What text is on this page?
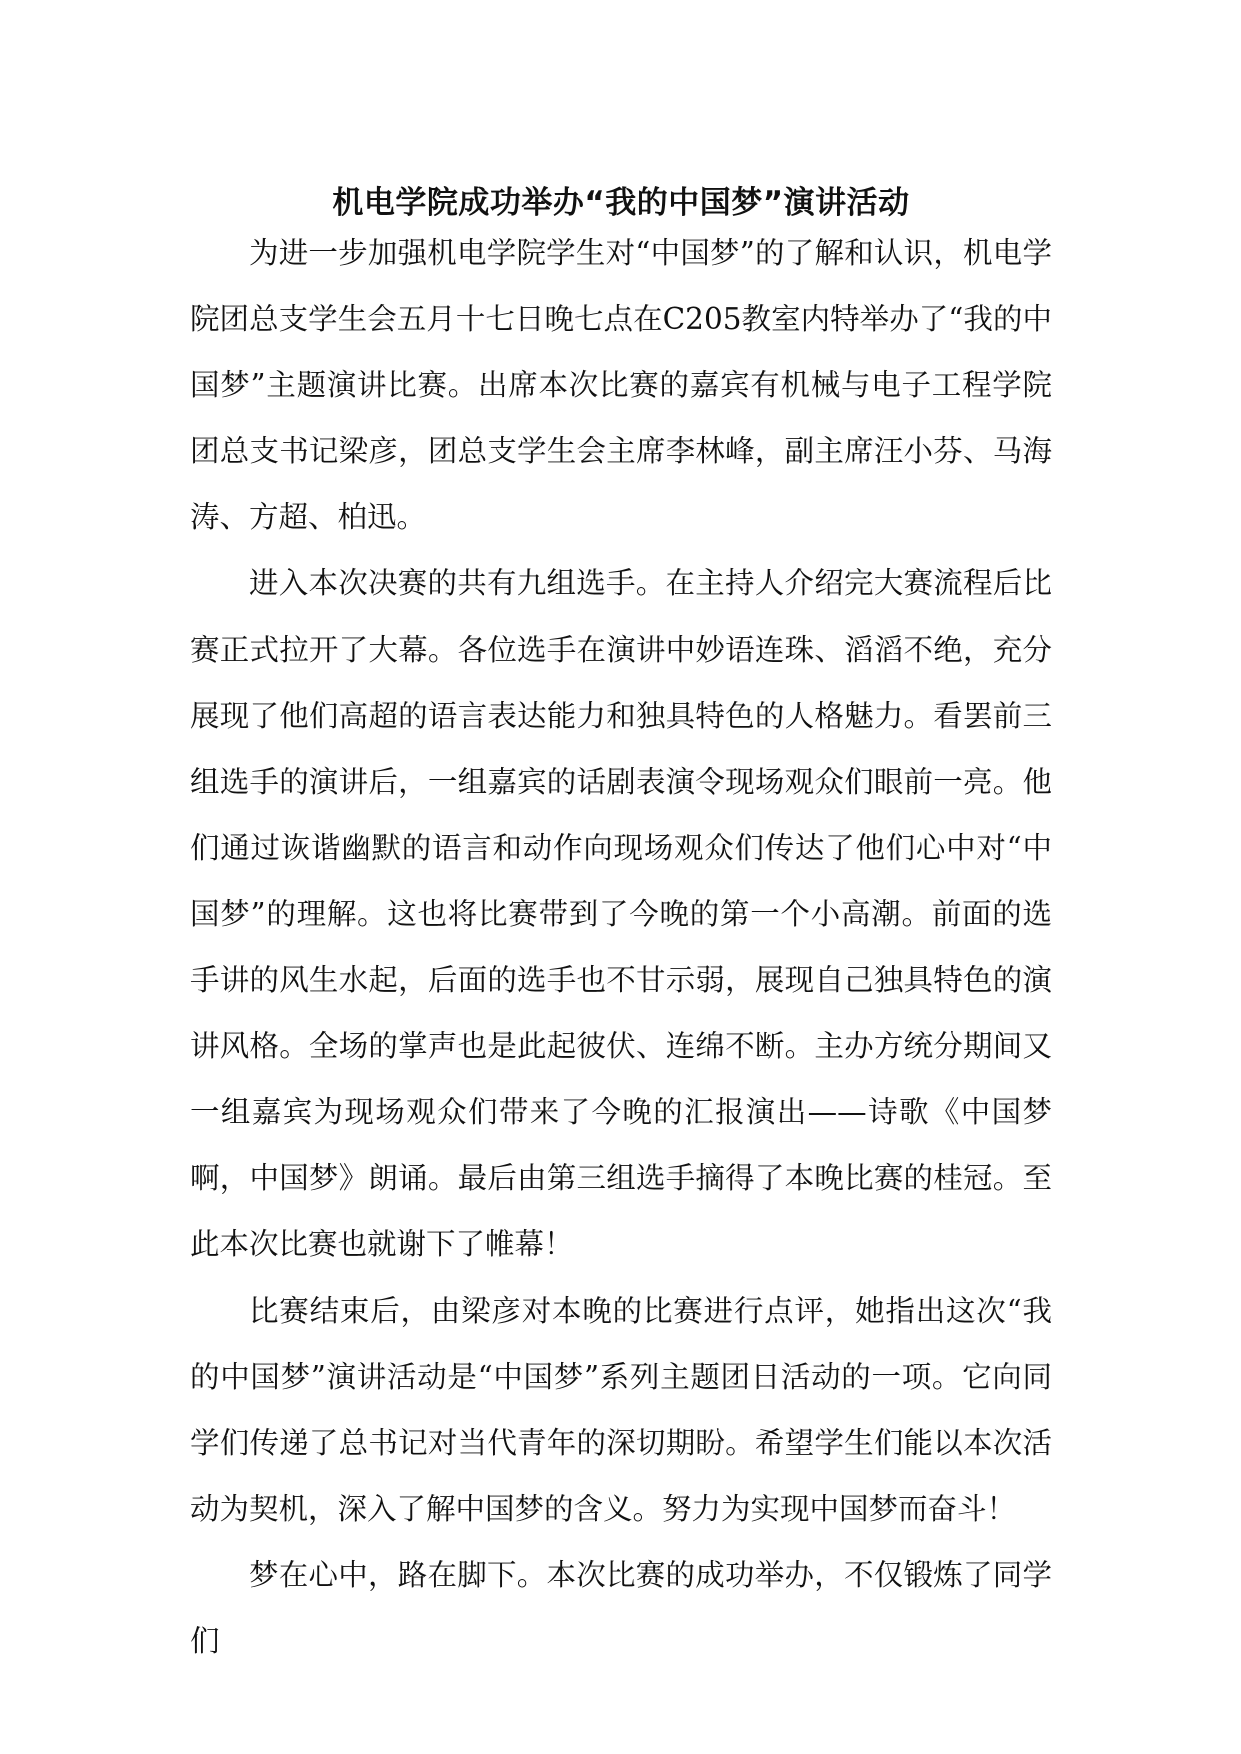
机电学院成功举办“我的中国梦”演讲活动

为进一步加强机电学院学生对“中国梦”的了解和认识，机电学院团总支学生会五月十七日晚七点在C205教室内特举办了“我的中国梦”主题演讲比赛。出席本次比赛的嘉宾有机械与电子工程学院团总支书记梁彦，团总支学生会主席李林峰，副主席汪小芬、马海涛、方超、柏迅。

进入本次决赛的共有九组选手。在主持人介绍完大赛流程后比赛正式拉开了大幕。各位选手在演讲中妙语连珠、滔滔不绝，充分展现了他们高超的语言表达能力和独具特色的人格魅力。看罢前三组选手的演讲后，一组嘉宾的话剧表演令现场观众们眼前一亮。他们通过诙谐幽默的语言和动作向现场观众们传达了他们心中对“中国梦”的理解。这也将比赛带到了今晚的第一个小高潮。前面的选手讲的风生水起，后面的选手也不甘示弱，展现自己独具特色的演讲风格。全场的掌声也是此起彼伏、连绵不断。主办方统分期间又一组嘉宾为现场观众们带来了今晚的汇报演出——诗歌《中国梦啊，中国梦》朗诵。最后由第三组选手摘得了本晚比赛的桂冠。至此本次比赛也就谢下了帷幕！

比赛结束后，由梁彦对本晚的比赛进行点评，她指出这次“我的中国梦”演讲活动是“中国梦”系列主题团日活动的一项。它向同学们传递了总书记对当代青年的深切期盼。希望学生们能以本次活动为契机，深入了解中国梦的含义。努力为实现中国梦而奋斗！

梦在心中，路在脚下。本次比赛的成功举办，不仅锻炼了同学们
